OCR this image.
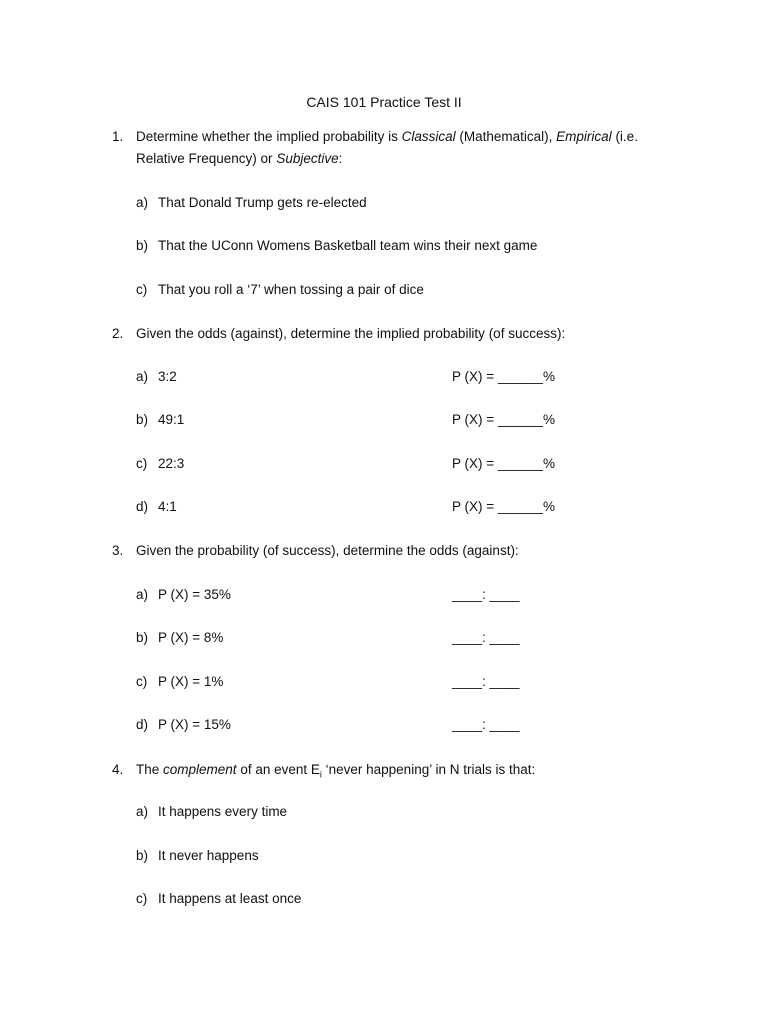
CAIS 101 Practice Test II
1. Determine whether the implied probability is Classical (Mathematical), Empirical (i.e. Relative Frequency) or Subjective:
a) That Donald Trump gets re-elected
b) That the UConn Womens Basketball team wins their next game
c) That you roll a ‘7’ when tossing a pair of dice
2. Given the odds (against), determine the implied probability (of success):
a) 3:2	P (X) = ______%
b) 49:1	P (X) = ______%
c) 22:3	P (X) = ______%
d) 4:1	P (X) = ______%
3. Given the probability (of success), determine the odds (against):
a) P (X) = 35%	____: ____
b) P (X) = 8%	____: ____
c) P (X) = 1%	____: ____
d) P (X) = 15%	____: ____
4. The complement of an event $E_i$ ‘never happening’ in N trials is that:
a) It happens every time
b) It never happens
c) It happens at least once
